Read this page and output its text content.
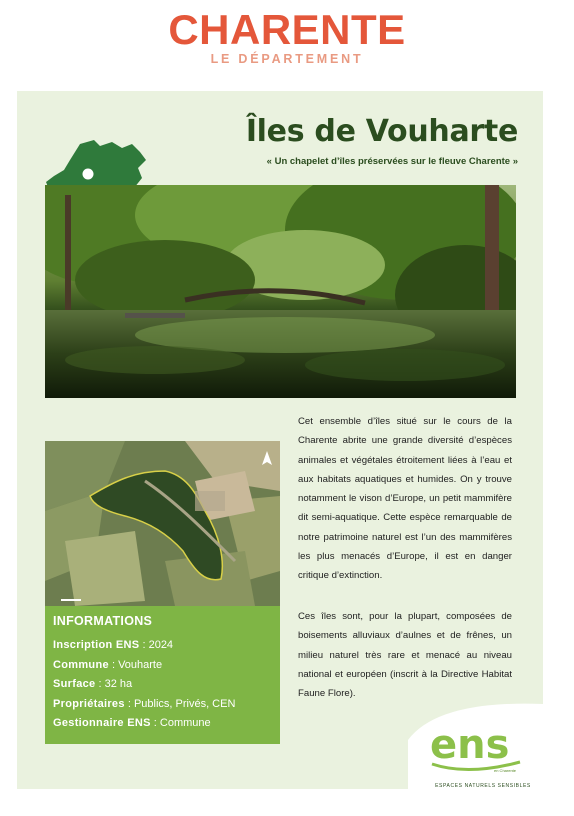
CHARENTE
LE DÉPARTEMENT
Îles de Vouharte
« Un chapelet d’îles préservées sur le fleuve Charente »
INFORMATIONS
Inscription ENS : 2024
Commune : Vouharte
Surface : 32 ha
Propriétaires : Publics, Privés, CEN
Gestionnaire ENS : Commune
Cet ensemble d’îles situé sur le cours de la Charente abrite une grande diversité d’espèces animales et végétales étroitement liées à l’eau et aux habitats aquatiques et humides. On y trouve notamment le vison d’Europe, un petit mammifère dit semi-aquatique. Cette espèce remarquable de notre patrimoine naturel est l’un des mammifères les plus menacés d’Europe, il est en danger critique d’extinction.
Ces îles sont, pour la plupart, composées de boisements alluviaux d’aulnes et de frênes, un milieu naturel très rare et menacé au niveau national et européen (inscrit à la Directive Habitat Faune Flore).
ens
en Charente
ESPACES NATURELS SENSIBLES
